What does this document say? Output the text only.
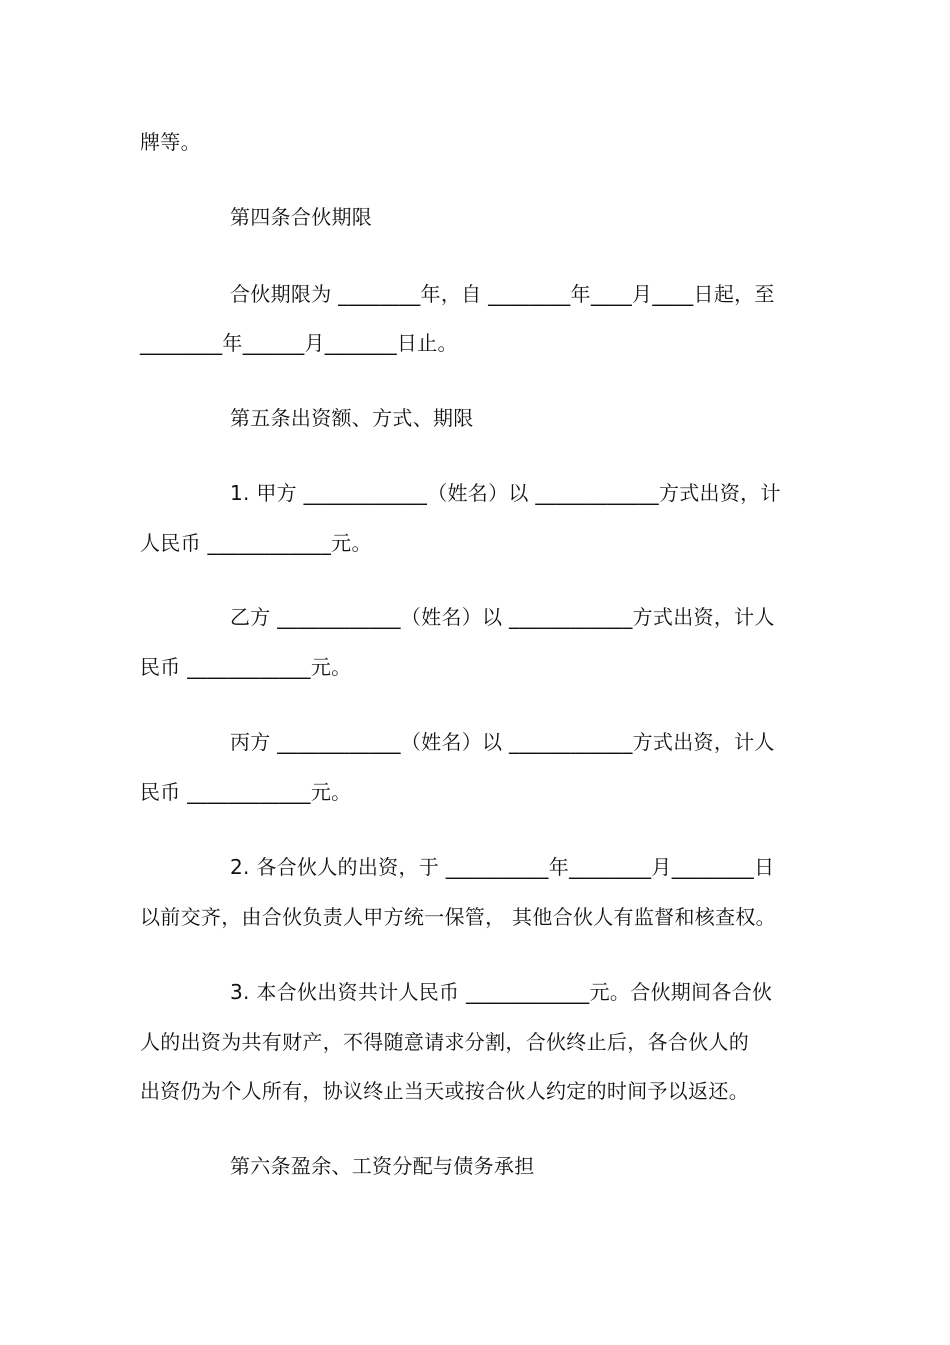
牌等。
第四条合伙期限
合伙期限为 ________年，自 ________年____月____日起，至
________年______月_______日止。
第五条出资额、方式、期限
1. 甲方 ____________（姓名）以 ____________方式出资，计
人民币 ____________元。
乙方 ____________（姓名）以 ____________方式出资，计人
民币 ____________元。
丙方 ____________（姓名）以 ____________方式出资，计人
民币 ____________元。
2. 各合伙人的出资，于 __________年________月________日
以前交齐，由合伙负责人甲方统一保管， 其他合伙人有监督和核查权。
3. 本合伙出资共计人民币 ____________元。合伙期间各合伙
人的出资为共有财产，不得随意请求分割，合伙终止后，各合伙人的
出资仍为个人所有，协议终止当天或按合伙人约定的时间予以返还。
第六条盈余、工资分配与债务承担
